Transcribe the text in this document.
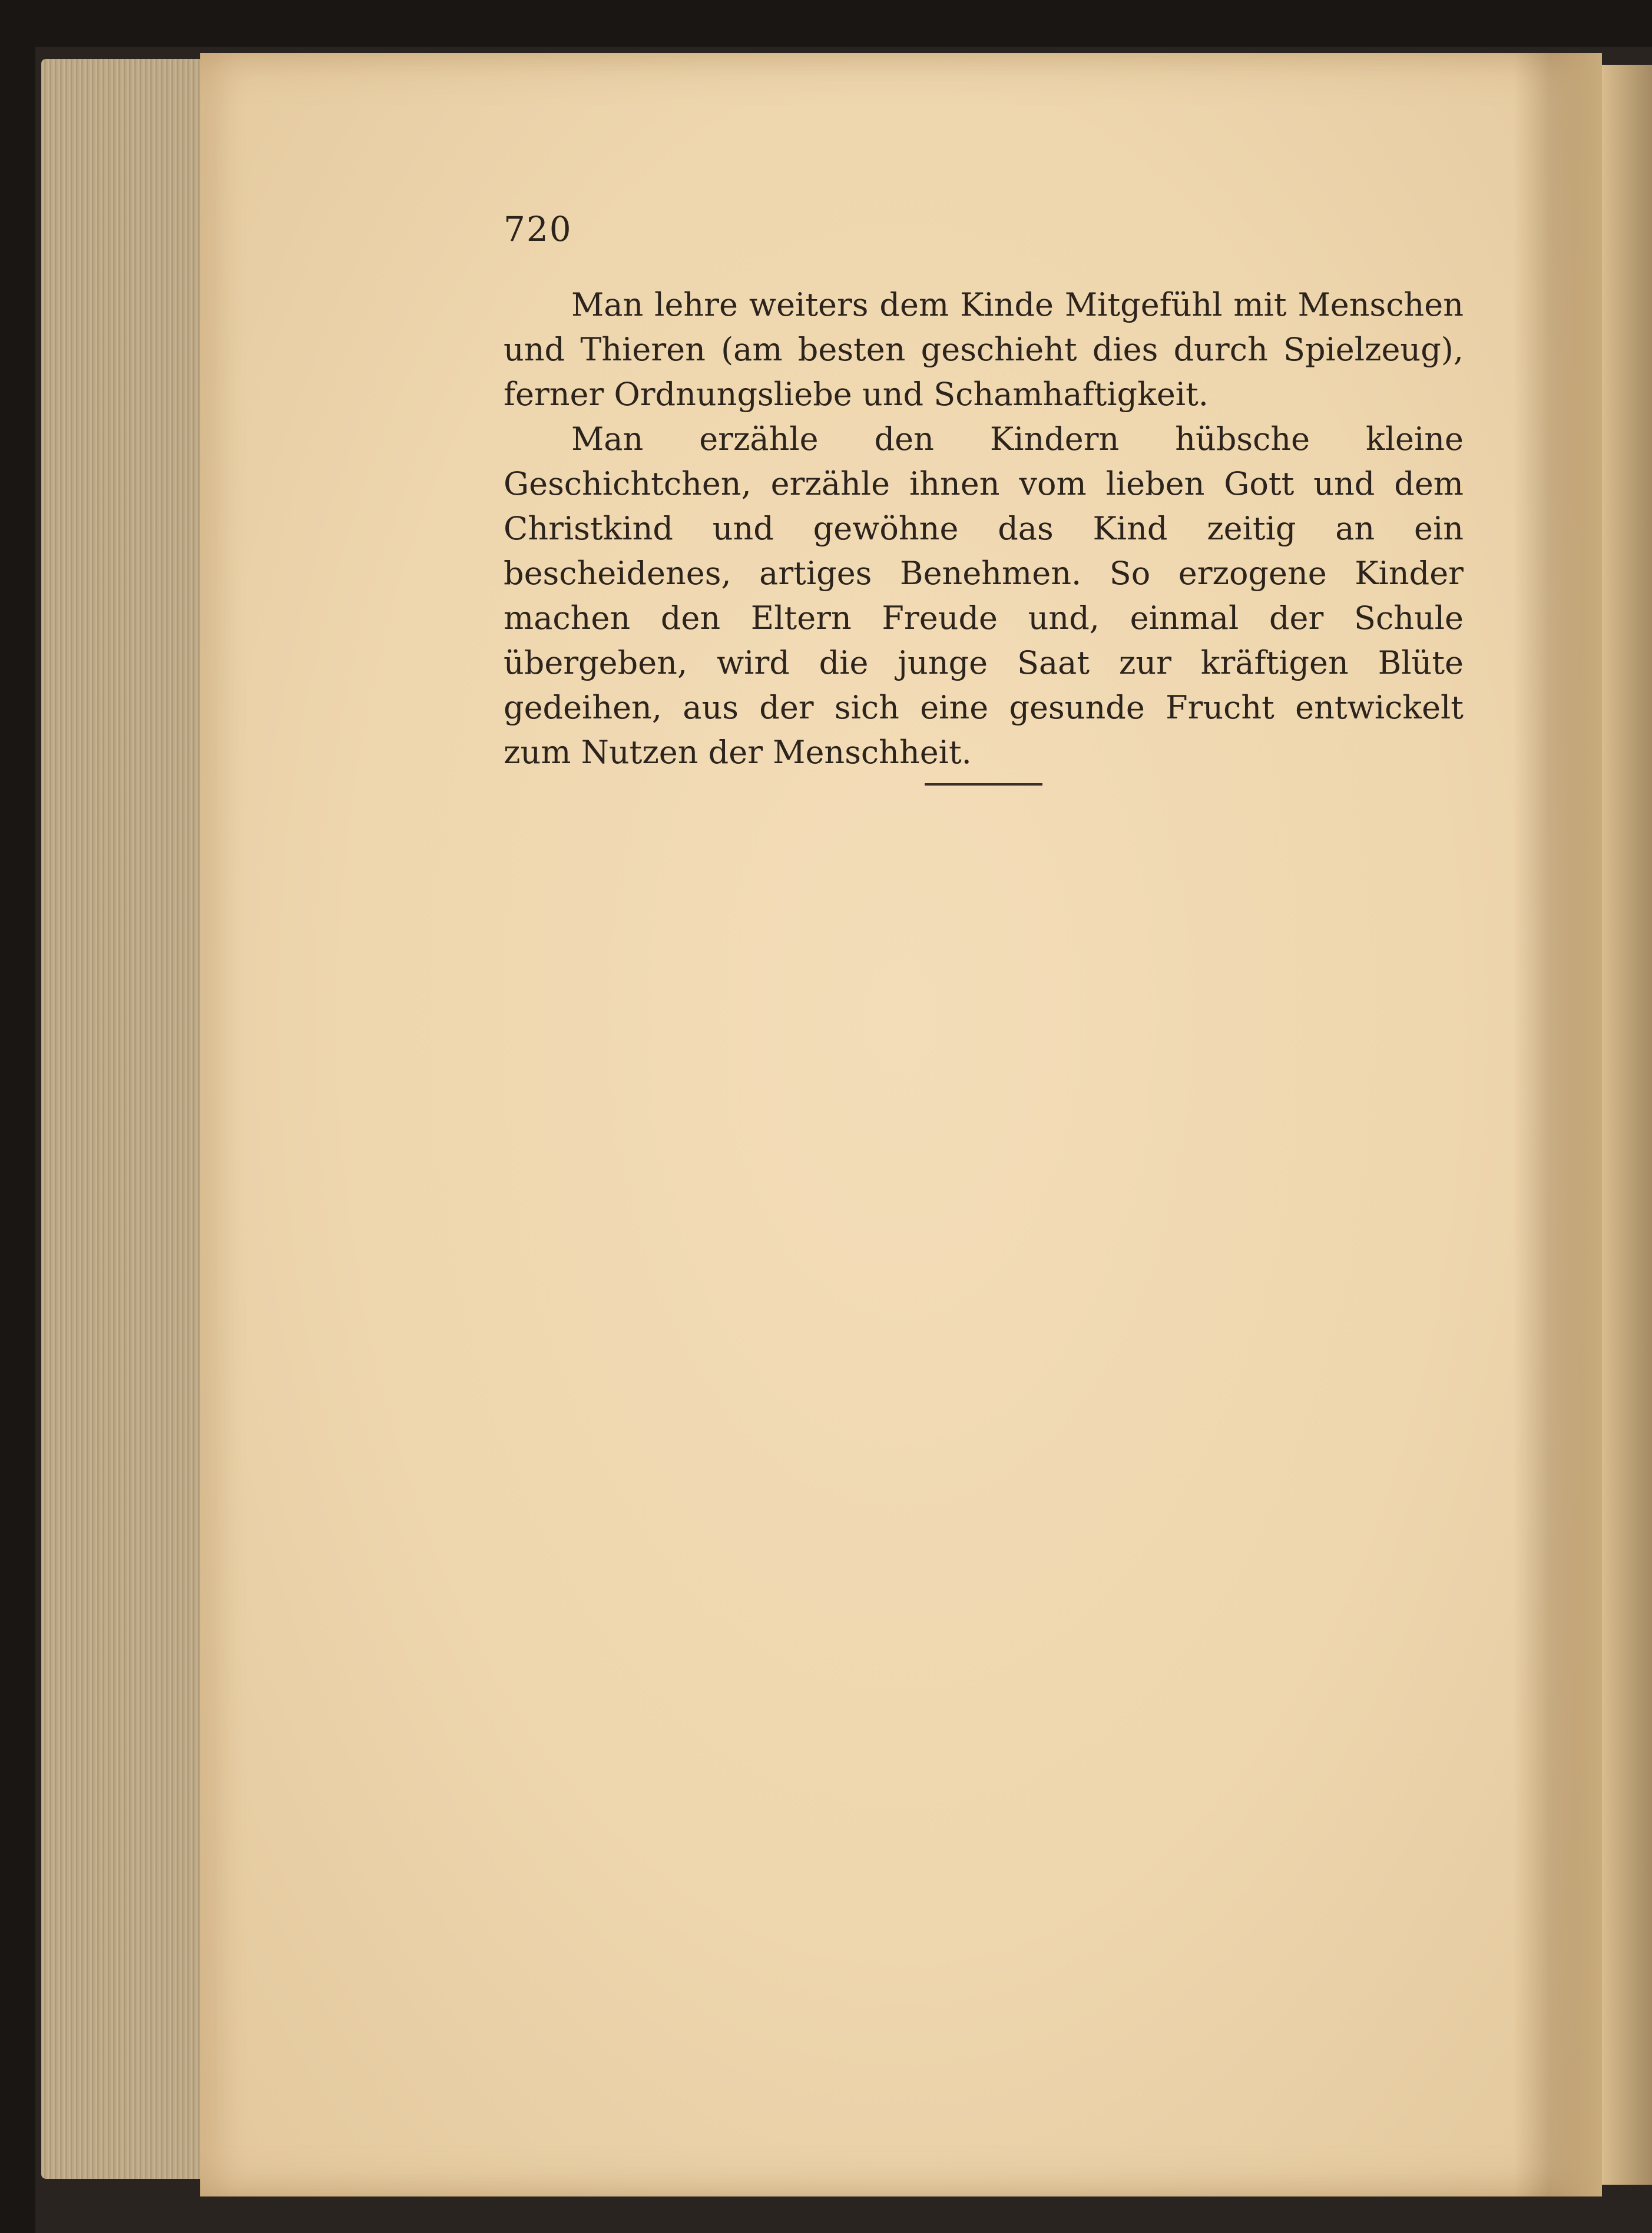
720

Man lehre weiters dem Kinde Mitgefühl mit Menschen und Thieren (am besten geschieht dies durch Spielzeug), ferner Ordnungsliebe und Schamhaftigkeit.

Man erzähle den Kindern hübsche kleine Geschichtchen, erzähle ihnen vom lieben Gott und dem Christkind und gewöhne das Kind zeitig an ein bescheidenes, artiges Benehmen. So erzogene Kinder machen den Eltern Freude und, einmal der Schule übergeben, wird die junge Saat zur kräftigen Blüte gedeihen, aus der sich eine gesunde Frucht entwickelt zum Nutzen der Menschheit.
